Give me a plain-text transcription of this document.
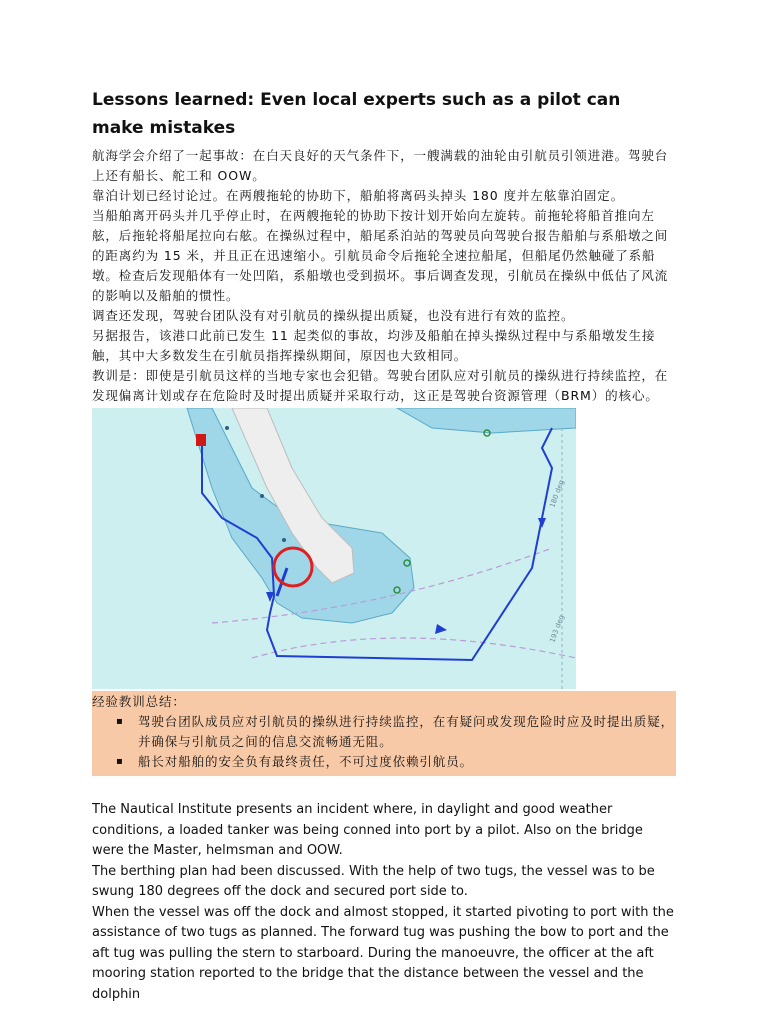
Lessons learned: Even local experts such as a pilot can make mistakes

航海学会介绍了一起事故：在白天良好的天气条件下，一艘满载的油轮由引航员引领进港。驾驶台上还有船长、舵工和 OOW。

靠泊计划已经讨论过。在两艘拖轮的协助下，船舶将离码头掉头 180 度并左舷靠泊固定。

当船舶离开码头并几乎停止时，在两艘拖轮的协助下按计划开始向左旋转。前拖轮将船首推向左舷，后拖轮将船尾拉向右舷。在操纵过程中，船尾系泊站的驾驶员向驾驶台报告船舶与系船墩之间的距离约为 15 米，并且正在迅速缩小。引航员命令后拖轮全速拉船尾，但船尾仍然触碰了系船墩。检查后发现船体有一处凹陷，系船墩也受到损坏。事后调查发现，引航员在操纵中低估了风流的影响以及船舶的惯性。

调查还发现，驾驶台团队没有对引航员的操纵提出质疑，也没有进行有效的监控。

另据报告，该港口此前已发生 11 起类似的事故，均涉及船舶在掉头操纵过程中与系船墩发生接触，其中大多数发生在引航员指挥操纵期间，原因也大致相同。

教训是：即使是引航员这样的当地专家也会犯错。驾驶台团队应对引航员的操纵进行持续监控，在发现偏离计划或存在危险时及时提出质疑并采取行动，这正是驾驶台资源管理（BRM）的核心。

180 deg
193 deg
经验教训总结：
▪ 驾驶台团队成员应对引航员的操纵进行持续监控，在有疑问或发现危险时应及时提出质疑，并确保与引航员之间的信息交流畅通无阻。
▪ 船长对船舶的安全负有最终责任，不可过度依赖引航员。

The Nautical Institute presents an incident where, in daylight and good weather conditions, a loaded tanker was being conned into port by a pilot. Also on the bridge were the Master, helmsman and OOW.

The berthing plan had been discussed. With the help of two tugs, the vessel was to be swung 180 degrees off the dock and secured port side to.

When the vessel was off the dock and almost stopped, it started pivoting to port with the assistance of two tugs as planned. The forward tug was pushing the bow to port and the aft tug was pulling the stern to starboard. During the manoeuvre, the officer at the aft mooring station reported to the bridge that the distance between the vessel and the dolphin
